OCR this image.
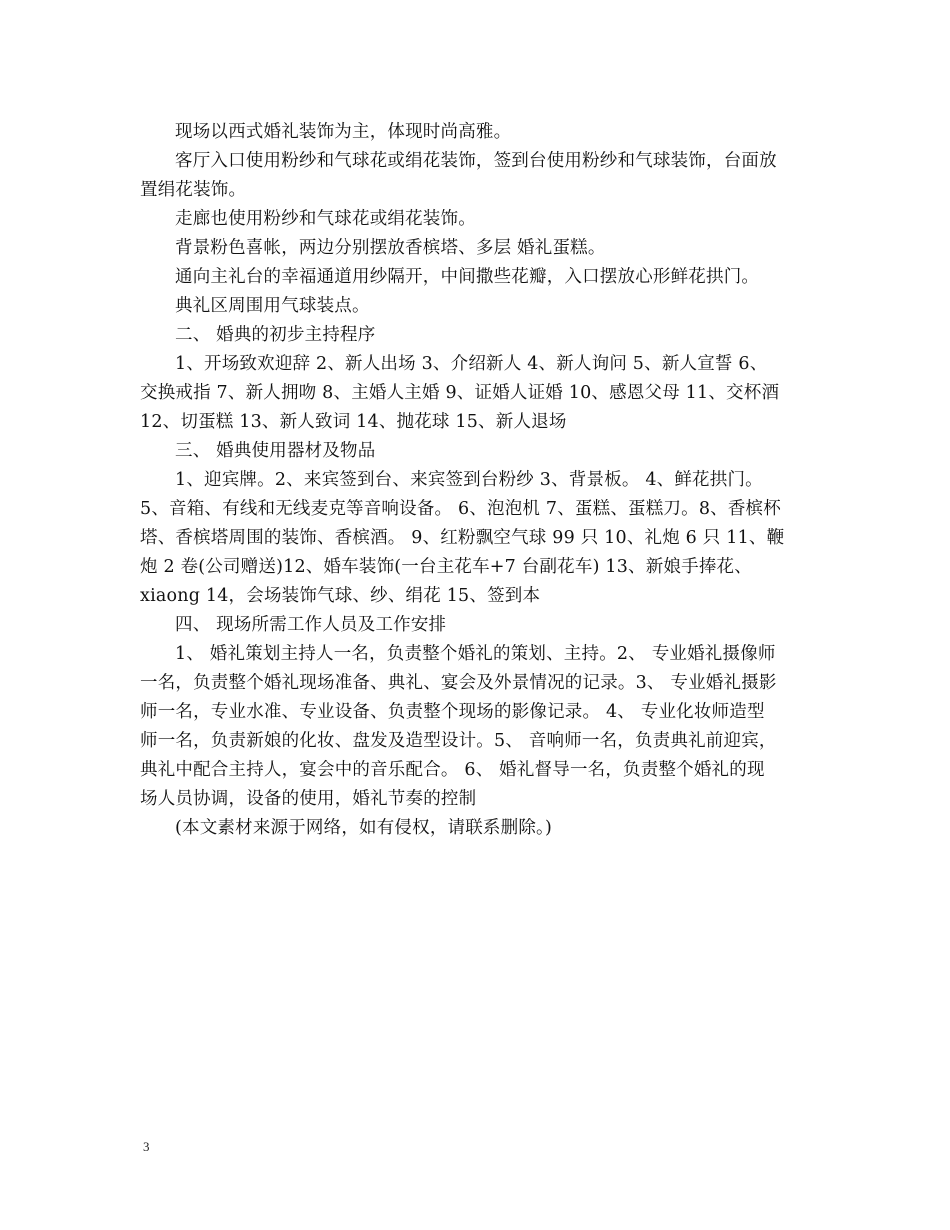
现场以西式婚礼装饰为主，体现时尚高雅。

客厅入口使用粉纱和气球花或绢花装饰，签到台使用粉纱和气球装饰，台面放

置绢花装饰。

走廊也使用粉纱和气球花或绢花装饰。

背景粉色喜帐，两边分别摆放香槟塔、多层 婚礼蛋糕。

通向主礼台的幸福通道用纱隔开，中间撒些花瓣，入口摆放心形鲜花拱门。

典礼区周围用气球装点。

二、 婚典的初步主持程序

1、开场致欢迎辞 2、新人出场 3、介绍新人 4、新人询问 5、新人宣誓 6、

交换戒指 7、新人拥吻 8、主婚人主婚 9、证婚人证婚 10、感恩父母 11、交杯酒

12、切蛋糕 13、新人致词 14、抛花球 15、新人退场

三、 婚典使用器材及物品

1、迎宾牌。2、来宾签到台、来宾签到台粉纱 3、背景板。 4、鲜花拱门。

5、音箱、有线和无线麦克等音响设备。 6、泡泡机 7、蛋糕、蛋糕刀。8、香槟杯

塔、香槟塔周围的装饰、香槟酒。 9、红粉飘空气球 99 只 10、礼炮 6 只 11、鞭

炮 2 卷(公司赠送)12、婚车装饰(一台主花车+7 台副花车) 13、新娘手捧花、

xiaong 14，会场装饰气球、纱、绢花 15、签到本

四、 现场所需工作人员及工作安排

1、 婚礼策划主持人一名，负责整个婚礼的策划、主持。2、 专业婚礼摄像师

一名，负责整个婚礼现场准备、典礼、宴会及外景情况的记录。3、 专业婚礼摄影

师一名，专业水准、专业设备、负责整个现场的影像记录。 4、 专业化妆师造型

师一名，负责新娘的化妆、盘发及造型设计。5、 音响师一名，负责典礼前迎宾，

典礼中配合主持人，宴会中的音乐配合。 6、 婚礼督导一名，负责整个婚礼的现

场人员协调，设备的使用，婚礼节奏的控制

(本文素材来源于网络，如有侵权，请联系删除。)

3
